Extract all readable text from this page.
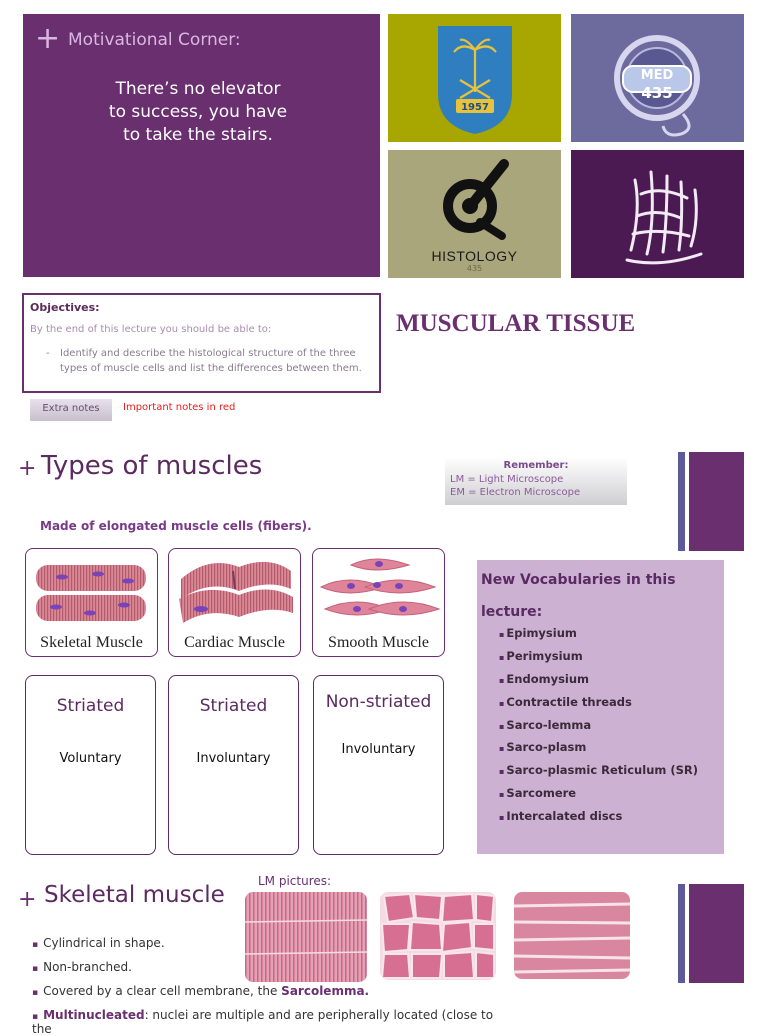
+ Motivational Corner:
There’s no elevator
to success, you have
to take the stairs.
1957
MED
435
HISTOLOGY
435
Objectives:
By the end of this lecture you should be able to:
-	Identify and describe the histological structure of the three types of muscle cells and list the differences between them.
MUSCULAR TISSUE
Extra notes	Important notes in red
+ Types of muscles	Remember:
LM = Light Microscope
EM = Electron Microscope
Made of elongated muscle cells (fibers).
Skeletal Muscle	Cardiac Muscle	Smooth Muscle
Striated
Voluntary
Striated
Involuntary
Non-striated
Involuntary
New Vocabularies in this lecture:
▪ Epimysium
▪ Perimysium
▪ Endomysium
▪ Contractile threads
▪ Sarco-lemma
▪ Sarco-plasm
▪ Sarco-plasmic Reticulum (SR)
▪ Sarcomere
▪ Intercalated discs
+ Skeletal muscle
LM pictures:
▪ Cylindrical in shape.
▪ Non-branched.
▪ Covered by a clear cell membrane, the Sarcolemma.
▪ Multinucleated: nuclei are multiple and are peripherally located (close to the
